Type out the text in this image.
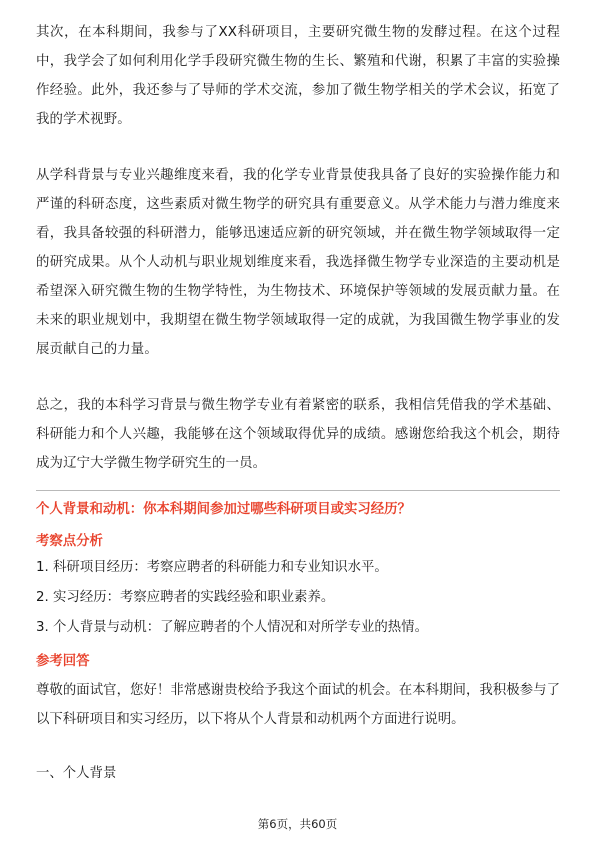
其次，在本科期间，我参与了XX科研项目，主要研究微生物的发酵过程。在这个过程中，我学会了如何利用化学手段研究微生物的生长、繁殖和代谢，积累了丰富的实验操作经验。此外，我还参与了导师的学术交流，参加了微生物学相关的学术会议，拓宽了我的学术视野。

从学科背景与专业兴趣维度来看，我的化学专业背景使我具备了良好的实验操作能力和严谨的科研态度，这些素质对微生物学的研究具有重要意义。从学术能力与潜力维度来看，我具备较强的科研潜力，能够迅速适应新的研究领域，并在微生物学领域取得一定的研究成果。从个人动机与职业规划维度来看，我选择微生物学专业深造的主要动机是希望深入研究微生物的生物学特性，为生物技术、环境保护等领域的发展贡献力量。在未来的职业规划中，我期望在微生物学领域取得一定的成就，为我国微生物学事业的发展贡献自己的力量。

总之，我的本科学习背景与微生物学专业有着紧密的联系，我相信凭借我的学术基础、科研能力和个人兴趣，我能够在这个领域取得优异的成绩。感谢您给我这个机会，期待成为辽宁大学微生物学研究生的一员。

个人背景和动机：你本科期间参加过哪些科研项目或实习经历？
考察点分析
1. 科研项目经历：考察应聘者的科研能力和专业知识水平。
2. 实习经历：考察应聘者的实践经验和职业素养。
3. 个人背景与动机：了解应聘者的个人情况和对所学专业的热情。
参考回答

尊敬的面试官，您好！非常感谢贵校给予我这个面试的机会。在本科期间，我积极参与了以下科研项目和实习经历，以下将从个人背景和动机两个方面进行说明。

一、个人背景
第6页，共60页
